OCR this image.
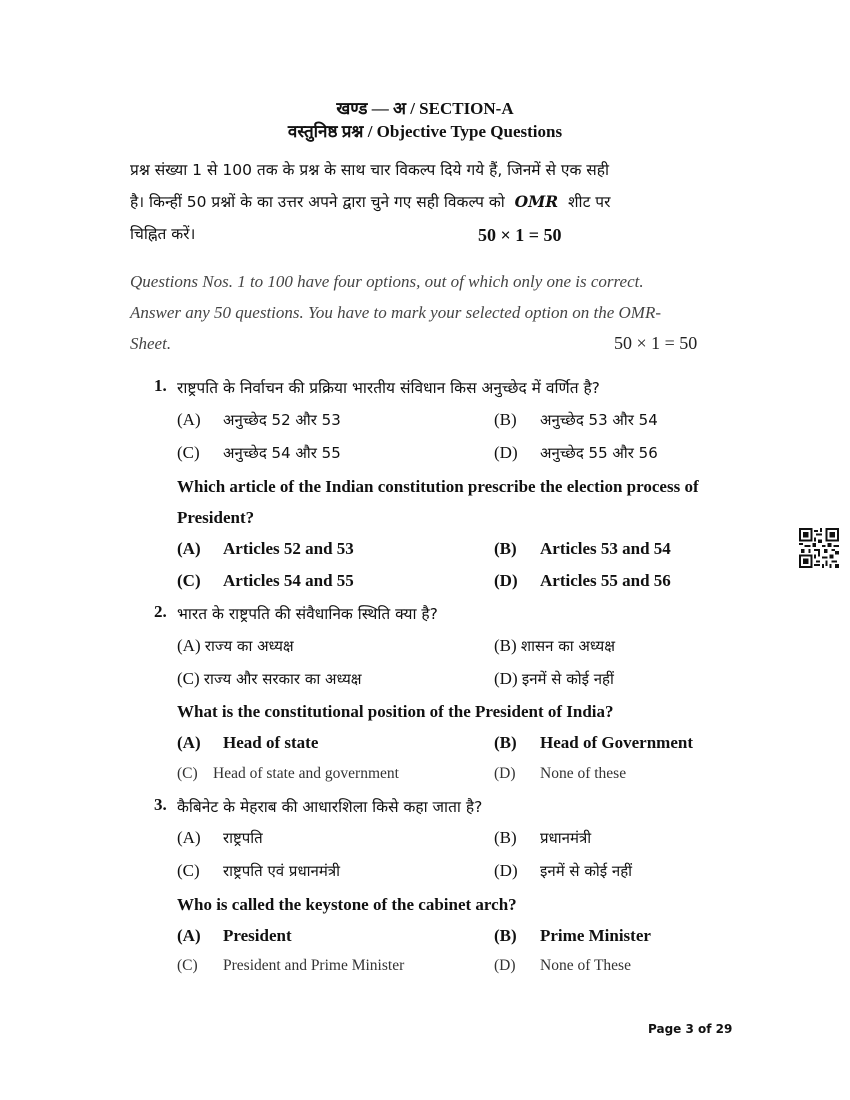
खण्ड — अ / SECTION-A
वस्तुनिष्ठ प्रश्न / Objective Type Questions
प्रश्न संख्या 1 से 100 तक के प्रश्न के साथ चार विकल्प दिये गये हैं, जिनमें से एक सही
है। किन्हीं 50 प्रश्नों के का उत्तर अपने द्वारा चुने गए सही विकल्प को OMR शीट पर
चिह्नित करें।	50 × 1 = 50
Questions Nos. 1 to 100 have four options, out of which only one is correct.
Answer any 50 questions. You have to mark your selected option on the OMR-
Sheet.	50 × 1 = 50
1. राष्ट्रपति के निर्वाचन की प्रक्रिया भारतीय संविधान किस अनुच्छेद में वर्णित है?
(A) अनुच्छेद 52 और 53	(B) अनुच्छेद 53 और 54
(C) अनुच्छेद 54 और 55	(D) अनुच्छेद 55 और 56
Which article of the Indian constitution prescribe the election process of
President?
(A) Articles 52 and 53	(B) Articles 53 and 54
(C) Articles 54 and 55	(D) Articles 55 and 56
2. भारत के राष्ट्रपति की संवैधानिक स्थिति क्या है?
(A) राज्य का अध्यक्ष	(B) शासन का अध्यक्ष
(C) राज्य और सरकार का अध्यक्ष	(D) इनमें से कोई नहीं
What is the constitutional position of the President of India?
(A) Head of state	(B) Head of Government
(C) Head of state and government	(D) None of these
3. कैबिनेट के मेहराब की आधारशिला किसे कहा जाता है?
(A) राष्ट्रपति	(B) प्रधानमंत्री
(C) राष्ट्रपति एवं प्रधानमंत्री	(D) इनमें से कोई नहीं
Who is called the keystone of the cabinet arch?
(A) President	(B) Prime Minister
(C) President and Prime Minister	(D) None of These
Page 3 of 29
